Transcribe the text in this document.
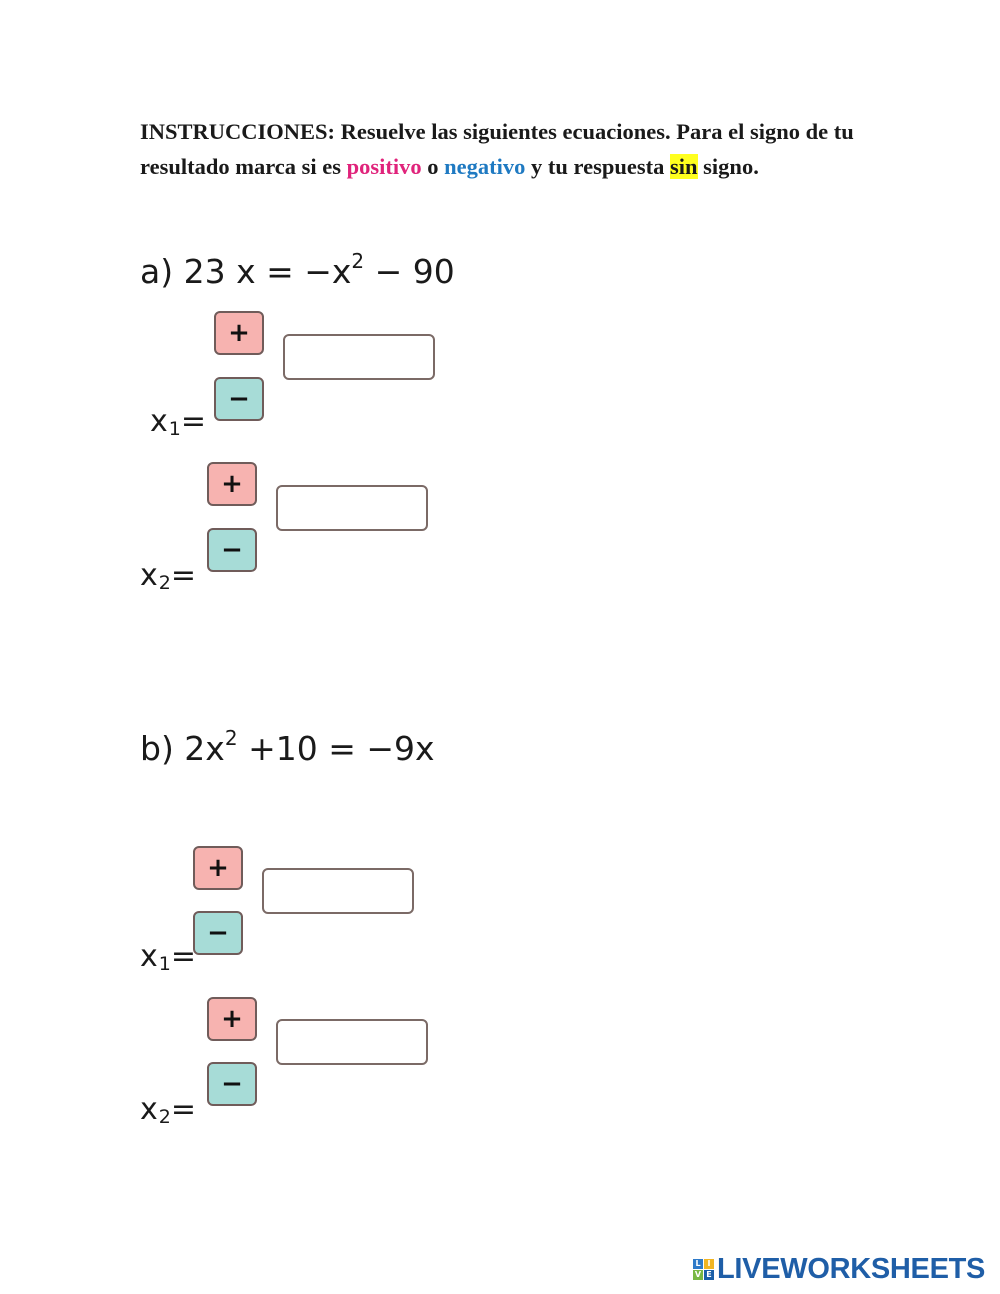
INSTRUCCIONES: Resuelve las siguientes ecuaciones. Para el signo de tu resultado marca si es positivo o negativo y tu respuesta sin signo.
a) 23 $x = -x^2 - 90$
+
−
$x_1=$
+
−
$x_2=$
b) $2x^2 +10 = -9x$
+
−
$x_1=$
+
−
$x_2=$
L I
V E LIVEWORKSHEETS
